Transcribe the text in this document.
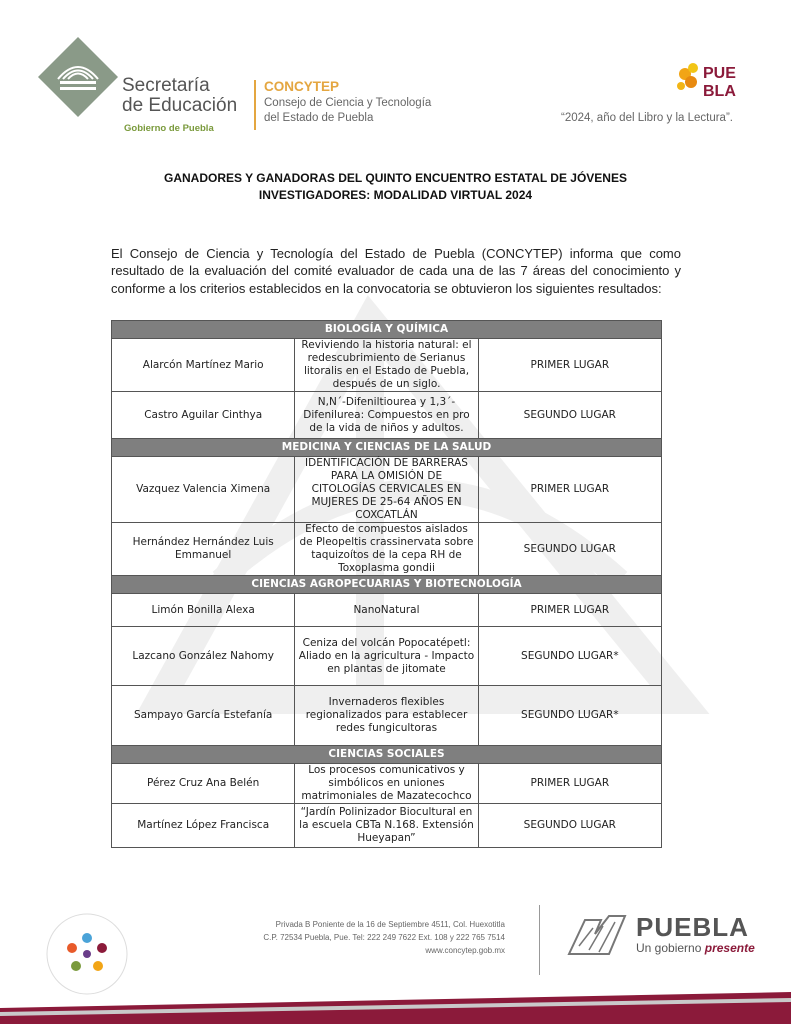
Secretaría
de Educación
Gobierno de Puebla
CONCYTEP
Consejo de Ciencia y Tecnología
del Estado de Puebla
PUE
BLA
“2024, año del Libro y la Lectura”.
GANADORES Y GANADORAS DEL QUINTO ENCUENTRO ESTATAL DE JÓVENES
INVESTIGADORES: MODALIDAD VIRTUAL 2024
El Consejo de Ciencia y Tecnología del Estado de Puebla (CONCYTEP) informa que como resultado de la evaluación del comité evaluador de cada una de las 7 áreas del conocimiento y conforme a los criterios establecidos en la convocatoria se obtuvieron los siguientes resultados:
BIOLOGÍA Y QUÍMICA		
Alarcón Martínez Mario	Reviviendo la historia natural: el redescubrimiento de Serianus litoralis en el Estado de Puebla, después de un siglo.	PRIMER LUGAR
Castro Aguilar Cinthya	N,N´-Difeniltiourea y 1,3´-Difenilurea: Compuestos en pro de la vida de niños y adultos.	SEGUNDO LUGAR
MEDICINA Y CIENCIAS DE LA SALUD		
Vazquez Valencia Ximena	IDENTIFICACIÓN DE BARRERAS PARA LA OMISIÓN DE CITOLOGÍAS CERVICALES EN MUJERES DE 25-64 AÑOS EN COXCATLÁN	PRIMER LUGAR
Hernández Hernández Luis Emmanuel	Efecto de compuestos aislados de Pleopeltis crassinervata sobre taquizoítos de la cepa RH de Toxoplasma gondii	SEGUNDO LUGAR
CIENCIAS AGROPECUARIAS Y BIOTECNOLOGÍA		
Limón Bonilla Alexa	NanoNatural	PRIMER LUGAR
Lazcano González Nahomy	Ceniza del volcán Popocatépetl: Aliado en la agricultura - Impacto en plantas de jitomate	SEGUNDO LUGAR*
Sampayo García Estefanía	Invernaderos flexibles regionalizados para establecer redes fungicultoras	SEGUNDO LUGAR*
CIENCIAS SOCIALES		
Pérez Cruz Ana Belén	Los procesos comunicativos y simbólicos en uniones matrimoniales de Mazatecochco	PRIMER LUGAR
Martínez López Francisca	“Jardín Polinizador Biocultural en la escuela CBTa N.168. Extensión Hueyapan”	SEGUNDO LUGAR
Privada B Poniente de la 16 de Septiembre 4511, Col. Huexotitla
C.P. 72534 Puebla, Pue. Tel: 222 249 7622 Ext. 108 y 222 765 7514
www.concytep.gob.mx
PUEBLA
Un gobierno presente
